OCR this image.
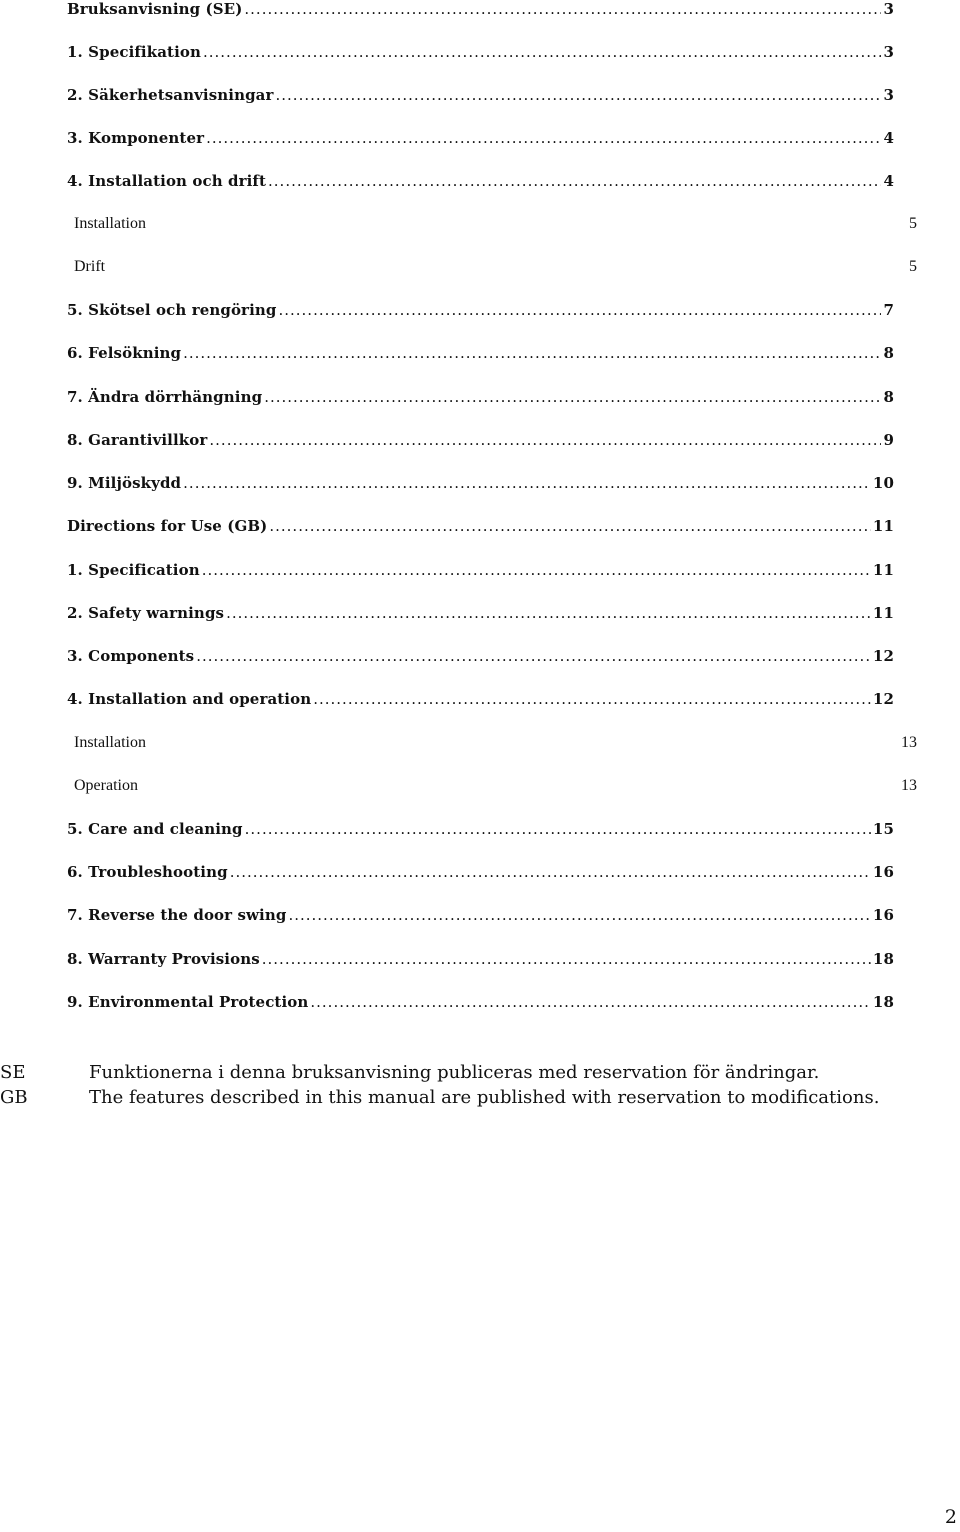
Bruksanvisning (SE) .....	3
1. Specifikation .....	3
2. Säkerhetsanvisningar .....	3
3. Komponenter .....	4
4. Installation och drift .....	4
Installation	5
Drift	5
5. Skötsel och rengöring .....	7
6. Felsökning .....	8
7. Ändra dörrhängning .....	8
8. Garantivillkor .....	9
9. Miljöskydd .....	10
Directions for Use (GB) .....	11
1. Specification .....	11
2. Safety warnings .....	11
3. Components .....	12
4. Installation and operation .....	12
Installation	13
Operation	13
5. Care and cleaning .....	15
6. Troubleshooting .....	16
7. Reverse the door swing .....	16
8. Warranty Provisions .....	18
9. Environmental Protection .....	18
SE	Funktionerna i denna bruksanvisning publiceras med reservation för ändringar.
GB	The features described in this manual are published with reservation to modifications.
2
